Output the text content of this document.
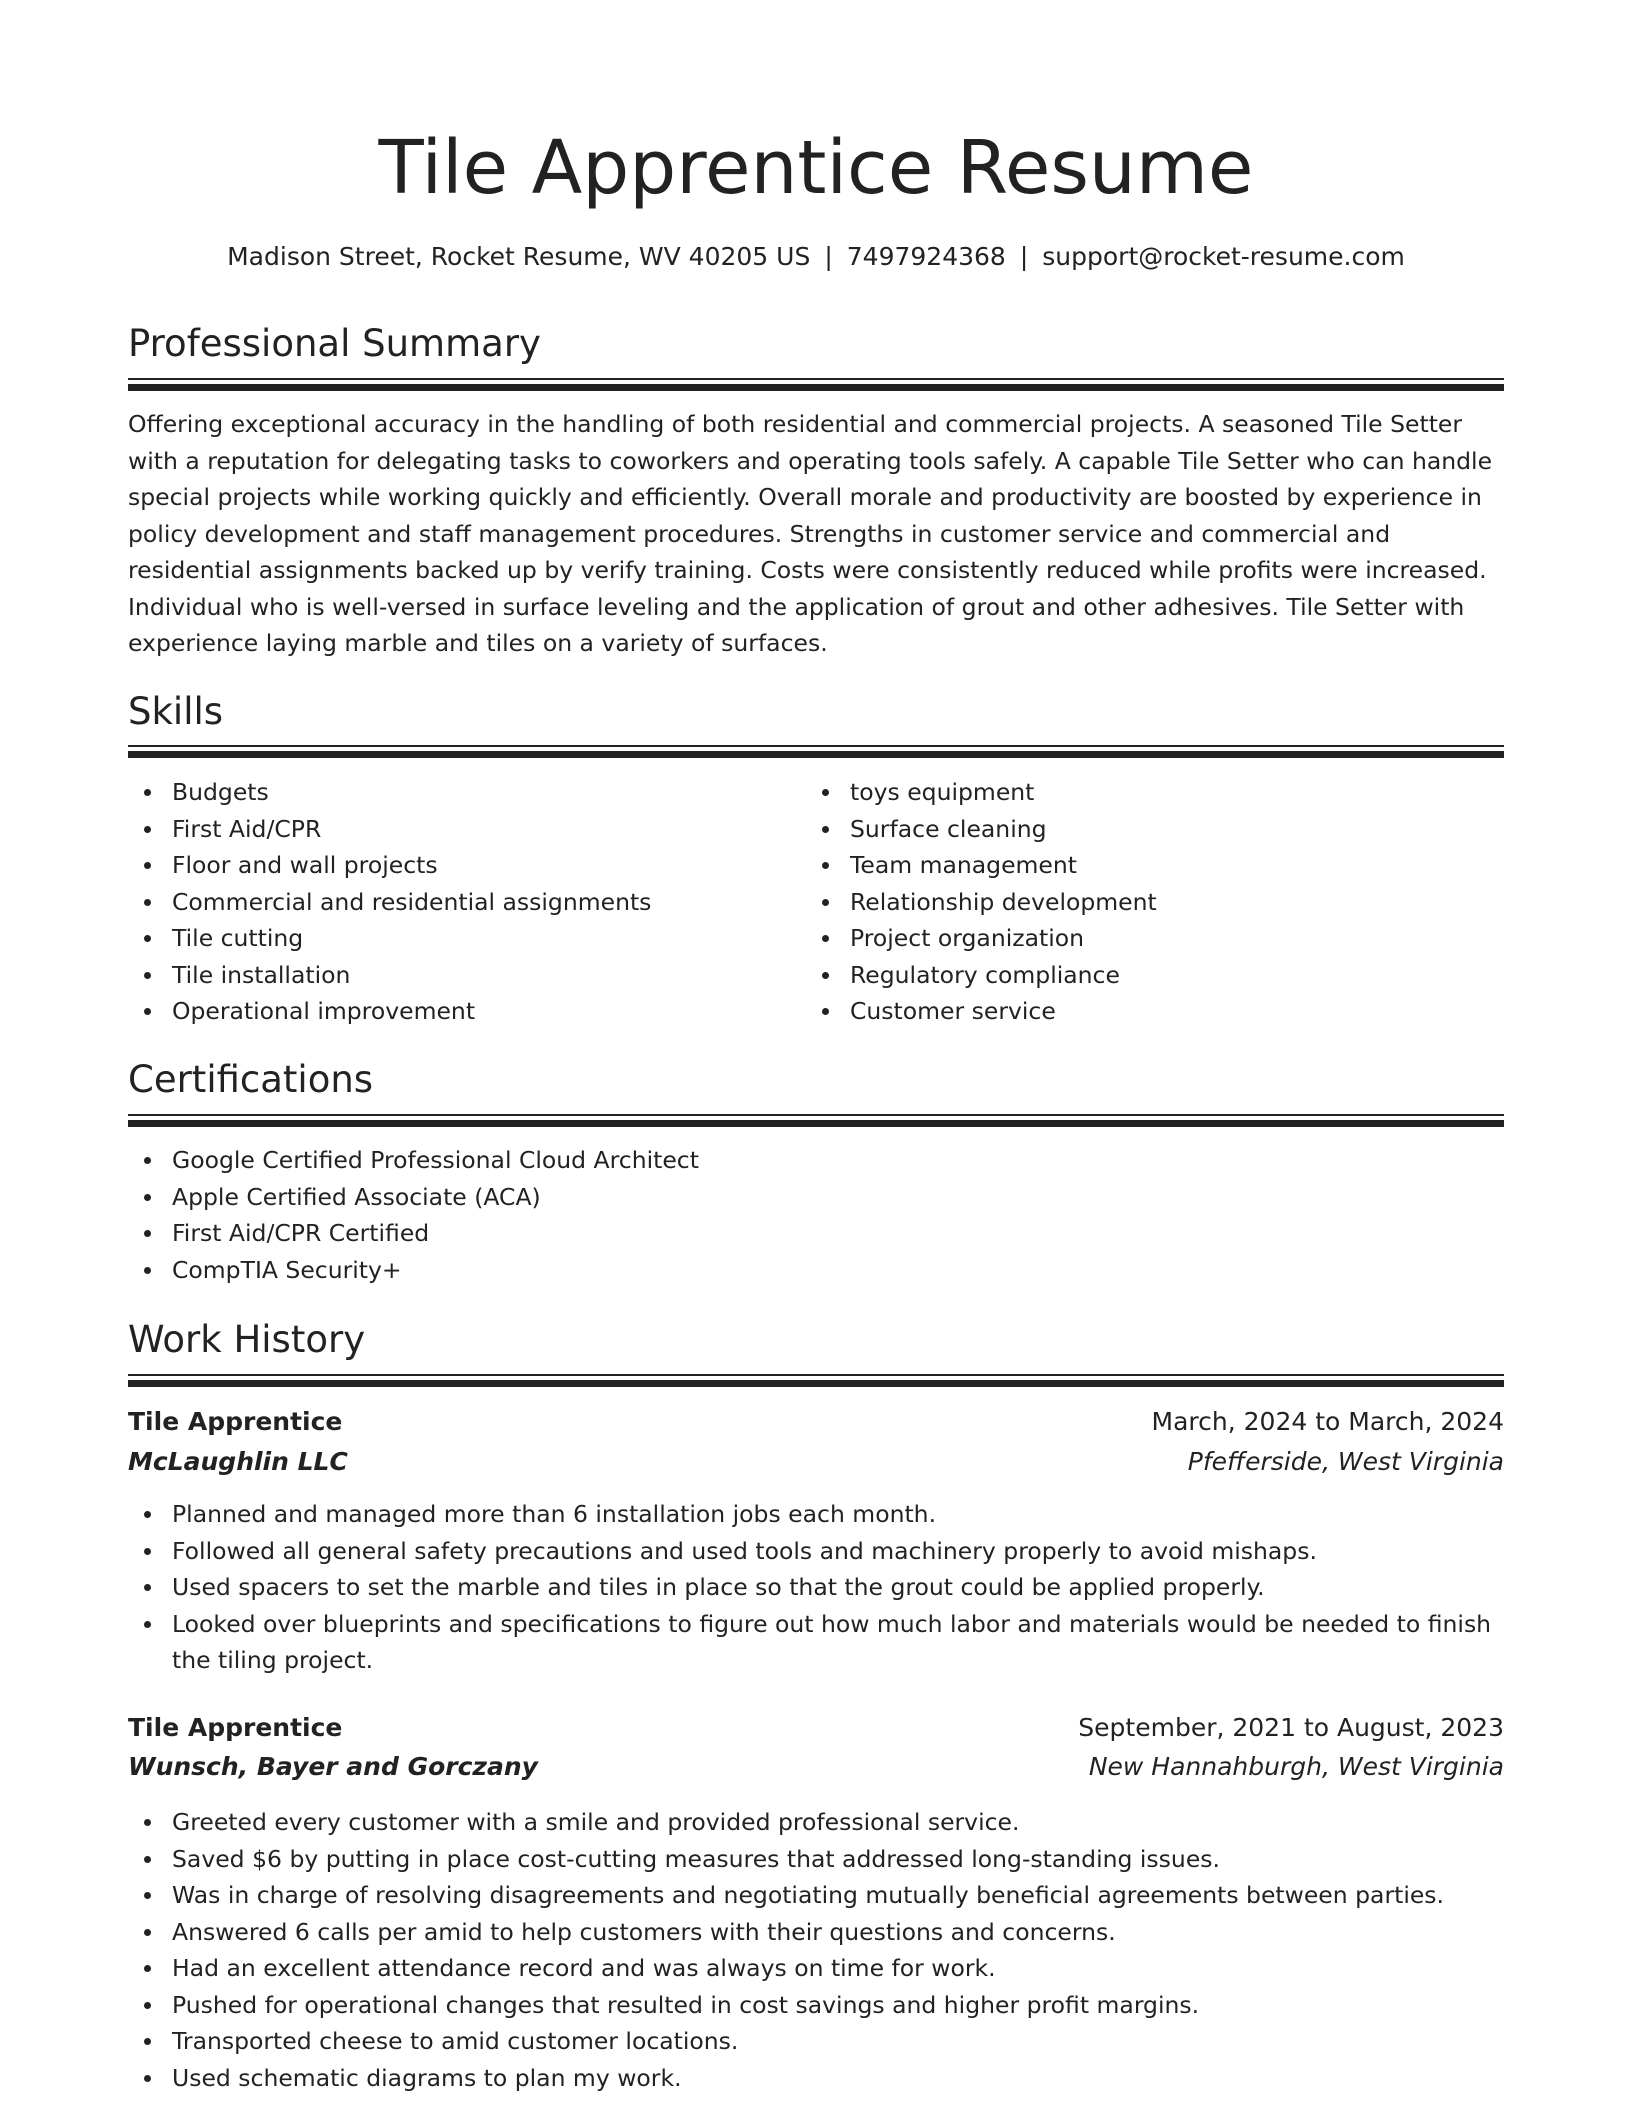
Tile Apprentice Resume
Madison Street, Rocket Resume, WV 40205 US | 7497924368 | support@rocket-resume.com
Professional Summary

Offering exceptional accuracy in the handling of both residential and commercial projects. A seasoned Tile Setter with a reputation for delegating tasks to coworkers and operating tools safely. A capable Tile Setter who can handle special projects while working quickly and efficiently. Overall morale and productivity are boosted by experience in policy development and staff management procedures. Strengths in customer service and commercial and residential assignments backed up by verify training. Costs were consistently reduced while profits were increased. Individual who is well-versed in surface leveling and the application of grout and other adhesives. Tile Setter with experience laying marble and tiles on a variety of surfaces.

Skills
Budgets
First Aid/CPR
Floor and wall projects
Commercial and residential assignments
Tile cutting
Tile installation
Operational improvement
toys equipment
Surface cleaning
Team management
Relationship development
Project organization
Regulatory compliance
Customer service
Certifications
Google Certified Professional Cloud Architect
Apple Certified Associate (ACA)
First Aid/CPR Certified
CompTIA Security+
Work History
Tile Apprentice	March, 2024 to March, 2024
McLaughlin LLC	Pfefferside, West Virginia
Planned and managed more than 6 installation jobs each month.
Followed all general safety precautions and used tools and machinery properly to avoid mishaps.
Used spacers to set the marble and tiles in place so that the grout could be applied properly.
Looked over blueprints and specifications to figure out how much labor and materials would be needed to finish the tiling project.
Tile Apprentice	September, 2021 to August, 2023
Wunsch, Bayer and Gorczany	New Hannahburgh, West Virginia
Greeted every customer with a smile and provided professional service.
Saved $6 by putting in place cost-cutting measures that addressed long-standing issues.
Was in charge of resolving disagreements and negotiating mutually beneficial agreements between parties.
Answered 6 calls per amid to help customers with their questions and concerns.
Had an excellent attendance record and was always on time for work.
Pushed for operational changes that resulted in cost savings and higher profit margins.
Transported cheese to amid customer locations.
Used schematic diagrams to plan my work.
